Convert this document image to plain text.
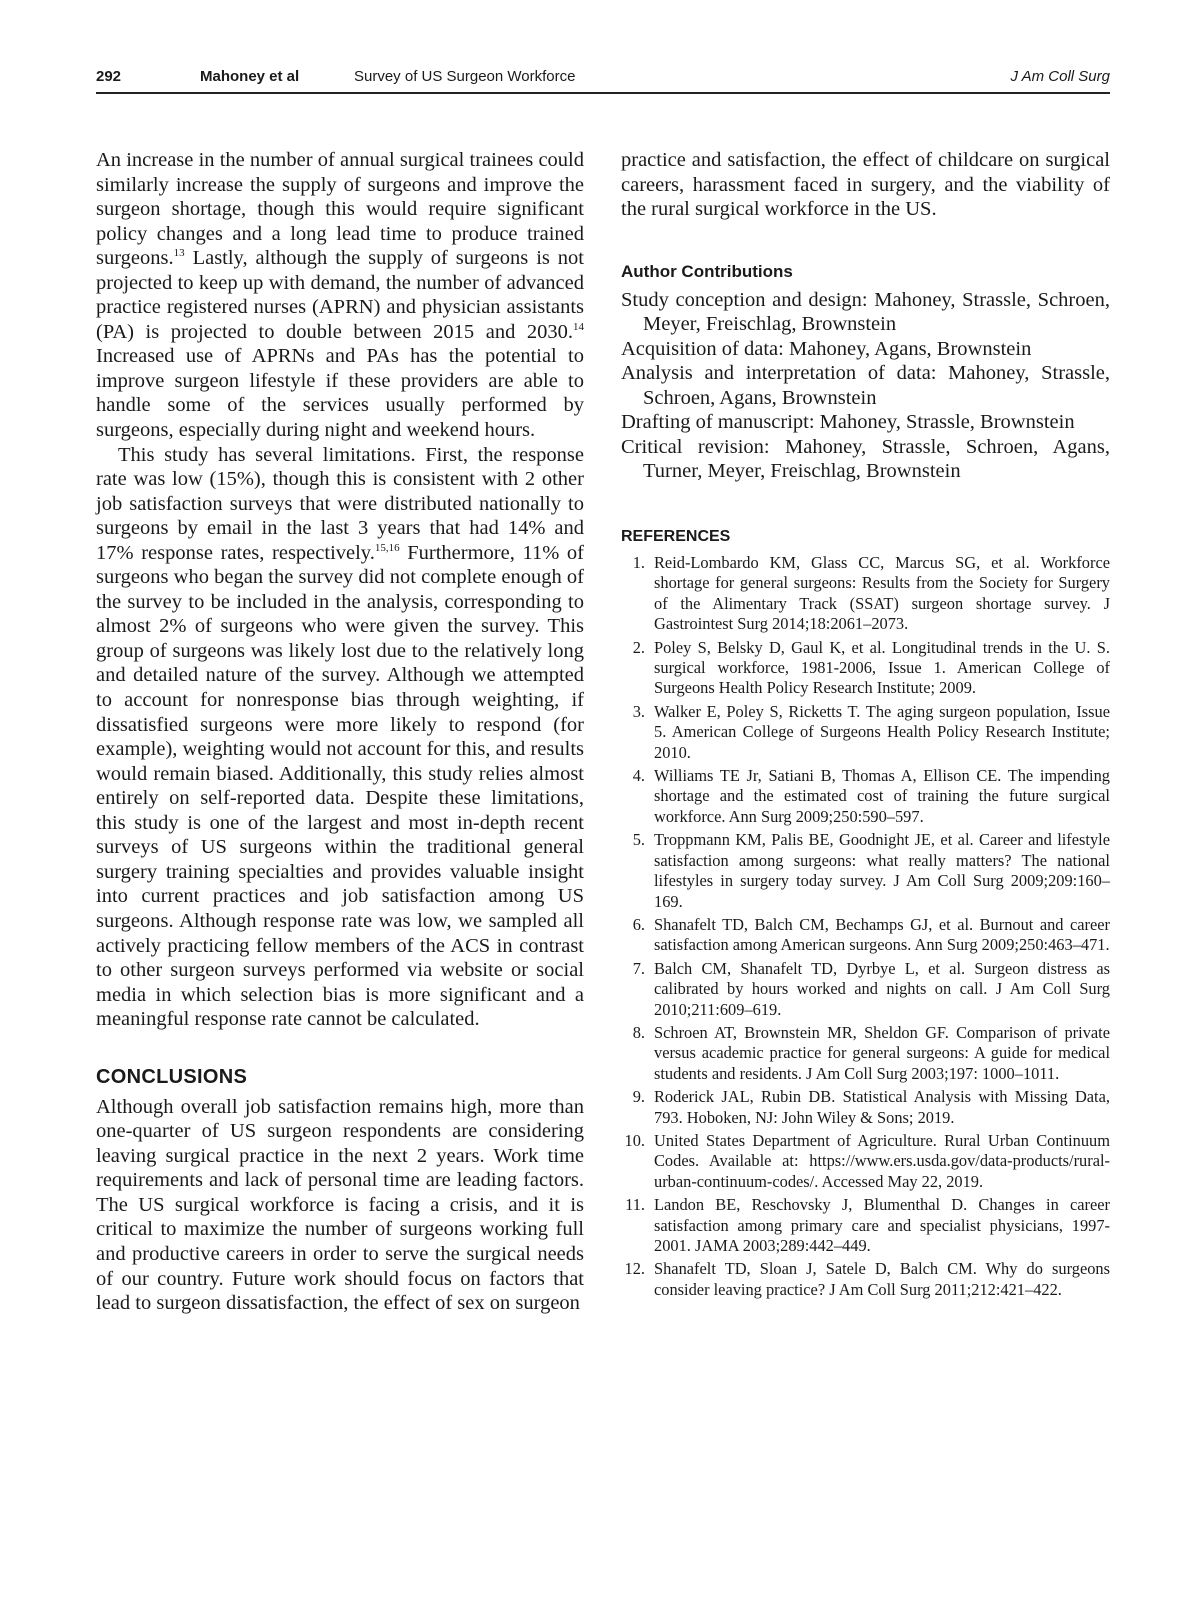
292	Mahoney et al	Survey of US Surgeon Workforce	J Am Coll Surg

An increase in the number of annual surgical trainees could similarly increase the supply of surgeons and improve the surgeon shortage, though this would require significant policy changes and a long lead time to produce trained surgeons.$^{13}$ Lastly, although the supply of surgeons is not projected to keep up with demand, the number of advanced practice registered nurses (APRN) and physician assistants (PA) is projected to double between 2015 and 2030.14 Increased use of APRNs and PAs has the potential to improve surgeon lifestyle if these providers are able to handle some of the services usually performed by surgeons, especially during night and weekend hours.

This study has several limitations. First, the response rate was low (15%), though this is consistent with 2 other job satisfaction surveys that were distributed nationally to surgeons by email in the last 3 years that had 14% and 17% response rates, respectively.$^{15,16}$ Furthermore, 11% of surgeons who began the survey did not complete enough of the survey to be included in the analysis, corresponding to almost 2% of surgeons who were given the survey. This group of surgeons was likely lost due to the relatively long and detailed nature of the survey. Although we attempted to account for nonresponse bias through weighting, if dissatisfied surgeons were more likely to respond (for example), weighting would not account for this, and results would remain biased. Additionally, this study relies almost entirely on self-reported data. Despite these limitations, this study is one of the largest and most in-depth recent surveys of US surgeons within the traditional general surgery training specialties and provides valuable insight into current practices and job satisfaction among US surgeons. Although response rate was low, we sampled all actively practicing fellow members of the ACS in contrast to other surgeon surveys performed via website or social media in which selection bias is more significant and a meaningful response rate cannot be calculated.

CONCLUSIONS

Although overall job satisfaction remains high, more than one-quarter of US surgeon respondents are considering leaving surgical practice in the next 2 years. Work time requirements and lack of personal time are leading factors. The US surgical workforce is facing a crisis, and it is critical to maximize the number of surgeons working full and productive careers in order to serve the surgical needs of our country. Future work should focus on factors that lead to surgeon dissatisfaction, the effect of sex on surgeon

practice and satisfaction, the effect of childcare on surgical careers, harassment faced in surgery, and the viability of the rural surgical workforce in the US.

Author Contributions

Study conception and design: Mahoney, Strassle, Schroen, Meyer, Freischlag, Brownstein

Acquisition of data: Mahoney, Agans, Brownstein

Analysis and interpretation of data: Mahoney, Strassle, Schroen, Agans, Brownstein

Drafting of manuscript: Mahoney, Strassle, Brownstein

Critical revision: Mahoney, Strassle, Schroen, Agans, Turner, Meyer, Freischlag, Brownstein

REFERENCES
1. Reid-Lombardo KM, Glass CC, Marcus SG, et al. Workforce shortage for general surgeons: Results from the Society for Surgery of the Alimentary Track (SSAT) surgeon shortage survey. J Gastrointest Surg 2014;18:2061–2073.
2. Poley S, Belsky D, Gaul K, et al. Longitudinal trends in the U. S. surgical workforce, 1981-2006, Issue 1. American College of Surgeons Health Policy Research Institute; 2009.
3. Walker E, Poley S, Ricketts T. The aging surgeon population, Issue 5. American College of Surgeons Health Policy Research Institute; 2010.
4. Williams TE Jr, Satiani B, Thomas A, Ellison CE. The impending shortage and the estimated cost of training the future surgical workforce. Ann Surg 2009;250:590–597.
5. Troppmann KM, Palis BE, Goodnight JE, et al. Career and lifestyle satisfaction among surgeons: what really matters? The national lifestyles in surgery today survey. J Am Coll Surg 2009;209:160–169.
6. Shanafelt TD, Balch CM, Bechamps GJ, et al. Burnout and career satisfaction among American surgeons. Ann Surg 2009;250:463–471.
7. Balch CM, Shanafelt TD, Dyrbye L, et al. Surgeon distress as calibrated by hours worked and nights on call. J Am Coll Surg 2010;211:609–619.
8. Schroen AT, Brownstein MR, Sheldon GF. Comparison of private versus academic practice for general surgeons: A guide for medical students and residents. J Am Coll Surg 2003;197: 1000–1011.
9. Roderick JAL, Rubin DB. Statistical Analysis with Missing Data, 793. Hoboken, NJ: John Wiley & Sons; 2019.
10. United States Department of Agriculture. Rural Urban Continuum Codes. Available at: https://www.ers.usda.gov/data-products/rural-urban-continuum-codes/. Accessed May 22, 2019.
11. Landon BE, Reschovsky J, Blumenthal D. Changes in career satisfaction among primary care and specialist physicians, 1997-2001. JAMA 2003;289:442–449.
12. Shanafelt TD, Sloan J, Satele D, Balch CM. Why do surgeons consider leaving practice? J Am Coll Surg 2011;212:421–422.
